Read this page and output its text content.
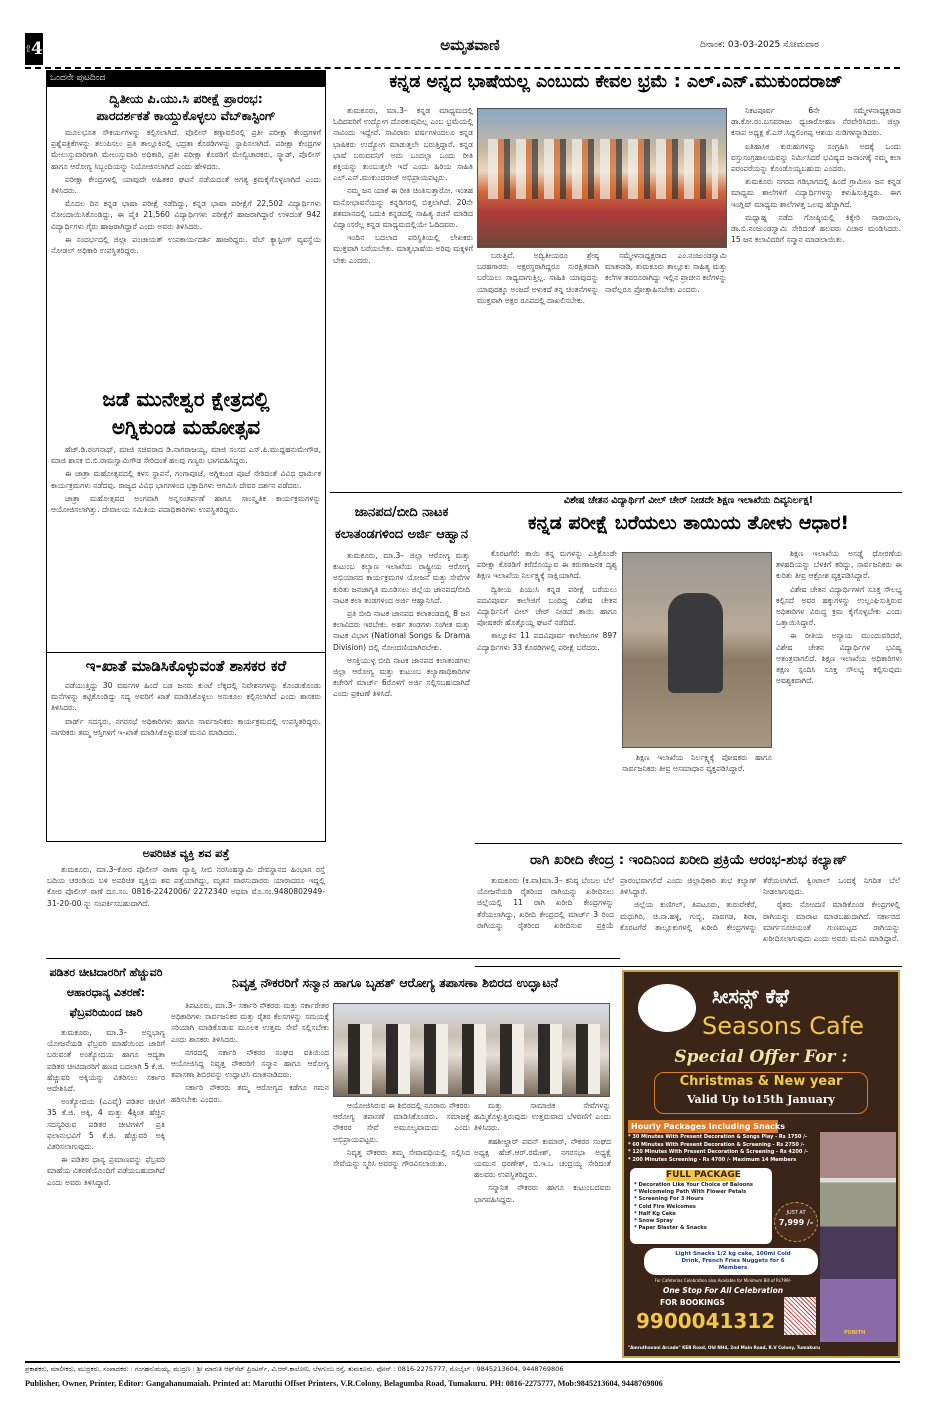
ಪುಟ 4	ಅಮೃತವಾಣಿ	ದಿನಾಂಕ: 03-03-2025 ಸೋಮವಾರ
ಒಂದನೇ ಪುಟದಿಂದ
ದ್ವಿತೀಯ ಪಿ.ಯು.ಸಿ ಪರೀಕ್ಷೆ ಪ್ರಾರಂಭ:
ಪಾರದರ್ಶಕತೆ ಕಾಯ್ದುಕೊಳ್ಳಲು ವೆಬ್‌ಕಾಸ್ಟಿಂಗ್

ಮೂಲಭೂತ ಸೌಕರ್ಯಗಳನ್ನು ಕಲ್ಪಿಸಲಾಗಿದೆ. ಪೊಲೀಸ್ ಕಣ್ಗಾವಲಿನಲ್ಲಿ ಪ್ರತೀ ಪರೀಕ್ಷಾ ಕೇಂದ್ರಗಳಿಗೆ ಪ್ರಶ್ನೆಪತ್ರಿಕೆಗಳನ್ನು ತಲುಪಿಸಲು ಪ್ರತಿ ತಾಲ್ಲೂಕಿನಲ್ಲಿ ಭದ್ರತಾ ಕೊಠಡಿಗಳನ್ನು ಸ್ಥಾಪಿಸಲಾಗಿದೆ. ಪರೀಕ್ಷಾ ಕೇಂದ್ರಗಳ ಮೇಲುಸ್ತುವಾರಿಗಾಗಿ ಮೇಲುಸ್ತುವಾರಿ ಅಧಿಕಾರಿ, ಪ್ರತೀ ಪರೀಕ್ಷಾ ಕೊಠಡಿಗೆ ಮೇಲ್ವಿಚಾರಕರು, ಸ್ಕ್ವಾಡ್, ಪೊಲೀಸ್ ಹಾಗೂ ಆರೋಗ್ಯ ಸಿಬ್ಬಂದಿಯನ್ನು ನಿಯೋಜಿಸಲಾಗಿದೆ ಎಂದು ಹೇಳಿದರು.

ಪರೀಕ್ಷಾ ಕೇಂದ್ರಗಳಲ್ಲಿ ಯಾವುದೇ ಅಹಿತಕರ ಘಟನೆ ನಡೆಯದಂತೆ ಅಗತ್ಯ ಕ್ರಮಕೈಗೊಳ್ಳಲಾಗಿದೆ ಎಂದು ತಿಳಿಸಿದರು.

ಮೊದಲ ದಿನ ಕನ್ನಡ ಭಾಷಾ ಪರೀಕ್ಷೆ ನಡೆದಿದ್ದು, ಕನ್ನಡ ಭಾಷಾ ಪರೀಕ್ಷೆಗೆ 22,502 ವಿದ್ಯಾರ್ಥಿಗಳು ನೋಂದಾಯಿಸಿಕೊಂಡಿದ್ದು, ಈ ಪೈಕಿ 21,560 ವಿದ್ಯಾರ್ಥಿಗಳು ಪರೀಕ್ಷೆಗೆ ಹಾಜರಾಗಿದ್ದಾರೆ ಉಳಿದಂತೆ 942 ವಿದ್ಯಾರ್ಥಿಗಳು ಗೈರು ಹಾಜರಾಗಿದ್ದಾರೆ ಎಂದು ಅವರು ತಿಳಿಸಿದರು.

ಈ ಸಂದರ್ಭದಲ್ಲಿ ಜಿಲ್ಲಾ ಪಂಚಾಯತ್ ಉಪಕಾರ್ಯದರ್ಶಿ ಹಾಜರಿದ್ದರು. ವೆಬ್ ಕ್ಯಾಸ್ಟಿಂಗ್ ವ್ಯವಸ್ಥೆಯ ನೋಡಲ್ ಅಧಿಕಾರಿ ಉಪಸ್ಥಿತರಿದ್ದರು.

ಜಡೆ ಮುನೇಶ್ವರ ಕ್ಷೇತ್ರದಲ್ಲಿ
ಅಗ್ನಿಕುಂಡ ಮಹೋತ್ಸವ

ಹೆಚ್.ಡಿ.ರಂಗನಾಥ್, ಮಾಜಿ ಸಚಿವರಾದ ಡಿ.ನಾಗರಾಜಯ್ಯ, ಮಾಜಿ ಸಂಸದ ಎಸ್.ಪಿ.ಮುದ್ದಹನುಮೇಗೌಡ, ಮಾಜಿ ಶಾಸಕ ಬಿ.ಬಿ.ರಾಮಸ್ವಾಮಿಗೌಡ ಸೇರಿದಂತೆ ಹಲವು ಗಣ್ಯರು ಭಾಗವಹಿಸಿದ್ದರು.

ಈ ಜಾತ್ರಾ ಮಹೋತ್ಸವದಲ್ಲಿ ಕಳಸ ಸ್ಥಾಪನೆ, ಗಂಗಾಪೂಜೆ, ಅಗ್ನಿಕುಂಡ ಪೂಜೆ ಸೇರಿದಂತೆ ವಿವಿಧ ಧಾರ್ಮಿಕ ಕಾರ್ಯಕ್ರಮಗಳು ನಡೆದವು. ರಾಜ್ಯದ ವಿವಿಧ ಭಾಗಗಳಿಂದ ಭಕ್ತಾದಿಗಳು ಆಗಮಿಸಿ ದೇವರ ದರ್ಶನ ಪಡೆದರು.

ಜಾತ್ರಾ ಮಹೋತ್ಸವದ ಅಂಗವಾಗಿ ಅನ್ನಸಂತರ್ಪಣೆ ಹಾಗೂ ಸಾಂಸ್ಕೃತಿಕ ಕಾರ್ಯಕ್ರಮಗಳನ್ನು ಆಯೋಜಿಸಲಾಗಿತ್ತು. ದೇವಾಲಯ ಸಮಿತಿಯ ಪದಾಧಿಕಾರಿಗಳು ಉಪಸ್ಥಿತರಿದ್ದರು.

ಇ-ಖಾತೆ ಮಾಡಿಸಿಕೊಳ್ಳುವಂತೆ ಶಾಸಕರ ಕರೆ

ಪಡೆಯುತ್ತಿದ್ದು 30 ವರ್ಷಗಳ ಹಿಂದೆ ಬಡ ಜನರು ಕುಂಟೆ ಲೆಕ್ಕದಲ್ಲಿ ನಿವೇಶನಗಳನ್ನು ಕೊಂಡುಕೊಂಡು ಮನೆಗಳನ್ನು ಕಟ್ಟಿಕೊಂಡಿದ್ದು ಸದ್ಯ ಅವರಿಗೆ ಖಾತೆ ಮಾಡಿಸಿಕೊಳ್ಳಲು ಅನುಕೂಲ ಕಲ್ಪಿಸಲಾಗಿದೆ ಎಂದು ಶಾಸಕರು ತಿಳಿಸಿದರು.

ವಾರ್ಡ್ ಸದಸ್ಯರು, ನಗರಸಭೆ ಅಧಿಕಾರಿಗಳು ಹಾಗೂ ಸಾರ್ವಜನಿಕರು ಕಾರ್ಯಕ್ರಮದಲ್ಲಿ ಉಪಸ್ಥಿತರಿದ್ದರು. ನಾಗರಿಕರು ತಮ್ಮ ಆಸ್ತಿಗಳಿಗೆ ಇ-ಖಾತೆ ಮಾಡಿಸಿಕೊಳ್ಳುವಂತೆ ಮನವಿ ಮಾಡಿದರು.

ಅಪರಿಚಿತ ವ್ಯಕ್ತಿ ಶವ ಪತ್ತೆ

ತುಮಕೂರು, ಮಾ.3–ಕೋರ ಪೊಲೀಸ್ ಠಾಣಾ ವ್ಯಾಪ್ತಿ ಸೀಬಿ ನರಸಿಂಹಸ್ವಾಮಿ ದೇವಸ್ಥಾನದ ಹಿಂಭಾಗ ರಸ್ತೆ ಬದಿಯ ಚರಂಡಿಯ ಬಳಿ ಅಪರಿಚಿತ ವ್ಯಕ್ತಿಯ ಶವ ಪತ್ತೆಯಾಗಿದ್ದು, ಮೃತನ ವಾರಸುದಾರರು ಯಾರಾದರೂ ಇದ್ದಲ್ಲಿ ಕೋರ ಪೊಲೀಸ್ ಠಾಣೆ ದೂ.ಸಂ. 0816-2242006/ 2272340 ಅಥವಾ ಮೊ.ಸಂ.9480802949-31-20-00 ನ್ನು ಸಂಪರ್ಕಿಸಬಹುದಾಗಿದೆ.

ಕನ್ನಡ ಅನ್ನದ ಭಾಷೆಯಲ್ಲ ಎಂಬುದು ಕೇವಲ ಭ್ರಮೆ : ಎಲ್.ಎನ್.ಮುಕುಂದರಾಜ್

ತುಮಕೂರು, ಮಾ.3– ಕನ್ನಡ ಮಾಧ್ಯಮದಲ್ಲಿ ಓದಿದವರಿಗೆ ಉದ್ಯೋಗ ದೊರಕುವುದಿಲ್ಲ ಎಂಬ ಭ್ರಮೆಯಲ್ಲಿ ನಾವಿಂದು ಇದ್ದೇವೆ. ಸಾವಿರಾರು ವರ್ಷಗಳಿಂದಲೂ ಕನ್ನಡ ಭಾಷಿಕರು ಉದ್ಯೋಗ ಮಾಡುತ್ತಲೇ ಬರುತ್ತಿದ್ದಾರೆ. ಕನ್ನಡ ಭಾಷೆ ಬರುವವನಿಗೆ ಅದು ಒಂದಲ್ಲಾ ಒಂದು ರೀತಿ ಶಕ್ತಿಯನ್ನು ತುಂಬುತ್ತಲೇ ಇದೆ ಎಂದು ಹಿರಿಯ ಸಾಹಿತಿ ಎಲ್.ಎನ್.ಮುಕುಂದರಾಜ್ ಅಭಿಪ್ರಾಯಪಟ್ಟರು.

ನಮ್ಮ ಜನ ಯಾಕೆ ಈ ರೀತಿ ಚಿಂತಿಸುತ್ತಾರೋ. ಇಂತಹ ಮನೋಭಾವನೆಯನ್ನು ಕನ್ನಡಿಗರಲ್ಲಿ ಬಿತ್ತಲಾಗಿದೆ. 20ನೇ ಶತಮಾನದಲ್ಲಿ ಬದುಕಿ ಕನ್ನಡದಲ್ಲಿ ಸಾಹಿತ್ಯ ರಚನೆ ಮಾಡಿದ ವಿದ್ವಾಂಸರೆಲ್ಲ ಕನ್ನಡ ಮಾಧ್ಯಮದಲ್ಲಿಯೇ ಓದಿದವರು.

ಇಂದಿನ ಬದಲಾದ ಪರಿಸ್ಥಿತಿಯಲ್ಲಿ ಲೇಖಕರು ಮುಕ್ತವಾಗಿ ಬರೆಯಬೇಕು. ಮಾತೃಭಾಷೆಯ ಅರಿವು ಮಕ್ಕಳಿಗೆ ಬೇಕು ಎಂದರು.

ಬರುತ್ತಿವೆ. ಅದ್ವಿತೀಯರೂ ಶ್ರೇಷ್ಠ ಬರಹಗಾರರು ಅಕ್ಷರಸ್ಥರಾಗಿದ್ದರೂ ಸುರಕ್ಷಿತವಾಗಿ ಬರೆಯಲು ಸಾಧ್ಯವಾಗುತ್ತಿಲ್ಲ. ಸಾಹಿತಿ ಯಾವುದನ್ನು ಯಾವುದಕ್ಕೂ ಅಂಜದೆ ಅಳುಕದೆ ತನ್ನ ಚಿಂತನೆಗಳನ್ನು ಮುಕ್ತವಾಗಿ ಅಕ್ಷರ ರೂಪದಲ್ಲಿ ದಾಖಲಿಸಬೇಕು.

ಸಮ್ಮೇಳನಾಧ್ಯಕ್ಷರಾದ ಎಂ.ನಂಜುಂಡಸ್ವಾಮಿ ಮಾತನಾಡಿ, ತುಮಕೂರು ತಾಲ್ಲೂಕು ಸಾಹಿತ್ಯ ಮತ್ತು ಕಲೆಗಳ ತವರೂರಾಗಿದ್ದು ಇಲ್ಲಿನ ಪ್ರಾಚೀನ ಕಲೆಗಳನ್ನು ನಾವೆಲ್ಲರೂ ಪ್ರೋತ್ಸಾಹಿಸಬೇಕು ಎಂದರು.

ನಿಕಟಪೂರ್ವ 6ನೇ ಸಮ್ಮೇಳನಾಧ್ಯಕ್ಷರಾದ ಡಾ.ಕೋ.ರಂ.ಬಸವರಾಜು ಧ್ವಜಾರೋಹಣ ನೆರವೇರಿಸಿದರು. ಜಿಲ್ಲಾ ಕಸಾಪ ಅಧ್ಯಕ್ಷ ಕೆ.ಎಸ್.ಸಿದ್ದಲಿಂಗಪ್ಪ ಆಶಯ ನುಡಿಗಳನ್ನಾಡಿದರು.

ಐತಿಹಾಸಿಕ ಕುರುಹುಗಳನ್ನು ಸಂಗ್ರಹಿಸಿ ಅದಕ್ಕೆ ಒಂದು ವಸ್ತುಸಂಗ್ರಹಾಲಯವನ್ನು ನಿರ್ಮಿಸಿದರೆ ಭವಿಷ್ಯದ ಜನಾಂಗಕ್ಕೆ ನಮ್ಮ ಕಲಾ ಪರಂಪರೆಯನ್ನು ಕೊಂಡೊಯ್ಯಬಹುದು ಎಂದರು.

ತುಮಕೂರು ನಗರದ ಗಡಿಭಾಗದಲ್ಲಿ ಹಿಂದೆ ಗ್ರಾಮೀಣ ಜನ ಕನ್ನಡ ಮಾಧ್ಯಮ ಶಾಲೆಗಳಿಗೆ ವಿದ್ಯಾರ್ಥಿಗಳನ್ನು ಕಳುಹಿಸುತ್ತಿದ್ದರು. ಈಗ ಇಂಗ್ಲಿಷ್ ಮಾಧ್ಯಮ ಶಾಲೆಗಳತ್ತ ಒಲವು ಹೆಚ್ಚಾಗಿದೆ.

ಮಧ್ಯಾಹ್ನ ನಡೆದ ಗೋಷ್ಠಿಯಲ್ಲಿ ಕಿಕ್ಕೇರಿ ನಾರಾಯಣ, ಡಾ.ಬಿ.ನಂಜುಂಡಸ್ವಾಮಿ ಸೇರಿದಂತೆ ಹಲವರು ವಿಚಾರ ಮಂಡಿಸಿದರು. 15 ಜನ ಕಲಾವಿದರಿಗೆ ಸನ್ಮಾನ ಮಾಡಲಾಯಿತು.

ಜಾನಪದ/ಬೀದಿ ನಾಟಕ ಕಲಾತಂಡಗಳಿಂದ ಅರ್ಜಿ ಆಹ್ವಾನ

ತುಮಕೂರು, ಮಾ.3– ಜಿಲ್ಲಾ ಆರೋಗ್ಯ ಮತ್ತು ಕುಟುಂಬ ಕಲ್ಯಾಣ ಇಲಾಖೆಯ ರಾಷ್ಟ್ರೀಯ ಆರೋಗ್ಯ ಅಭಿಯಾನದ ಕಾರ್ಯಕ್ರಮಗಳ ಯೋಜನೆ ಮತ್ತು ಸೇವೆಗಳ ಕುರಿತು ಜನಜಾಗೃತಿ ಮೂಡಿಸಲು ಜಿಲ್ಲೆಯ ಜಾನಪದ/ಬೀದಿ ನಾಟಕ ಕಲಾ ತಂಡಗಳಿಂದ ಅರ್ಜಿ ಆಹ್ವಾನಿಸಿದೆ.

ಪ್ರತಿ ಬೀದಿ ನಾಟಕ ಜಾನಪದ ಕಲಾತಂಡದಲ್ಲಿ 8 ಜನ ಕಲಾವಿದರು ಇರಬೇಕು. ಅರ್ಹ ತಂಡಗಳು ಸಂಗೀತ ಮತ್ತು ನಾಟಕ ವಿಭಾಗ (National Songs & Drama Division) ದಲ್ಲಿ ನೋಂದಣಿಯಾಗಿರಬೇಕು.

ಆಸಕ್ತಿಯುಳ್ಳ ಬೀದಿ ನಾಟಕ ಜಾನಪದ ಕಲಾತಂಡಗಳು ಜಿಲ್ಲಾ ಆರೋಗ್ಯ ಮತ್ತು ಕುಟುಂಬ ಕಲ್ಯಾಣಾಧಿಕಾರಿಗಳ ಕಚೇರಿಗೆ ಮಾರ್ಚ್ 6ರೊಳಗೆ ಅರ್ಜಿ ಸಲ್ಲಿಸಬಹುದಾಗಿದೆ ಎಂದು ಪ್ರಕಟಣೆ ತಿಳಿಸಿದೆ.

ವಿಶೇಷ ಚೇತನ ವಿದ್ಯಾರ್ಥಿಗೆ ವೀಲ್ ಚೇರ್ ನೀಡದೇ ಶಿಕ್ಷಣ ಇಲಾಖೆಯ ದಿವ್ಯನಿರ್ಲಕ್ಷ!
ಕನ್ನಡ ಪರೀಕ್ಷೆ ಬರೆಯಲು ತಾಯಿಯ ತೋಳು ಆಧಾರ!

ಕೊರಟಗೆರೆ: ತಾಯಿ ತನ್ನ ಮಗಳನ್ನು ಎತ್ತಿಕೊಂಡೇ ಪರೀಕ್ಷಾ ಕೊಠಡಿಗೆ ಕರೆದೊಯ್ಯುವ ಈ ಕರುಣಾಜನಕ ದೃಶ್ಯ ಶಿಕ್ಷಣ ಇಲಾಖೆಯ ನಿರ್ಲಕ್ಷ್ಯಕ್ಕೆ ಸಾಕ್ಷಿಯಾಗಿದೆ.

ದ್ವಿತೀಯ ಪಿಯುಸಿ ಕನ್ನಡ ಪರೀಕ್ಷೆ ಬರೆಯಲು ಪದವಿಪೂರ್ವ ಕಾಲೇಜಿಗೆ ಬಂದಿದ್ದ ವಿಶೇಷ ಚೇತನ ವಿದ್ಯಾರ್ಥಿನಿಗೆ ವೀಲ್ ಚೇರ್ ನೀಡದೆ ತಾಯಿ ಹಾಗೂ ಪೋಷಕರೇ ಹೊತ್ತೊಯ್ದ ಘಟನೆ ನಡೆದಿದೆ.

ತಾಲ್ಲೂಕಿನ 11 ಪದವಿಪೂರ್ವ ಕಾಲೇಜುಗಳ 897 ವಿದ್ಯಾರ್ಥಿಗಳು 33 ಕೊಠಡಿಗಳಲ್ಲಿ ಪರೀಕ್ಷೆ ಬರೆದರು.

ಶಿಕ್ಷಣ ಇಲಾಖೆಯ ನಿರ್ಲಕ್ಷ್ಯಕ್ಕೆ ಪೋಷಕರು ಹಾಗೂ ಸಾರ್ವಜನಿಕರು ತೀವ್ರ ಅಸಮಾಧಾನ ವ್ಯಕ್ತಪಡಿಸಿದ್ದಾರೆ.

ಶಿಕ್ಷಣ ಇಲಾಖೆಯ ಅಸಡ್ಡೆ ಧೋರಣೆಯ ತಳಹದಿಯನ್ನು ಬೆಳಕಿಗೆ ತರಿದ್ದು, ಸಾರ್ವಜನಿಕರು ಈ ಕುರಿತು ತೀವ್ರ ಆಕ್ರೋಶ ವ್ಯಕ್ತಪಡಿಸಿದ್ದಾರೆ.

ವಿಶೇಷ ಚೇತನ ವಿದ್ಯಾರ್ಥಿಗಳಿಗೆ ಸೂಕ್ತ ಸೌಲಭ್ಯ ಕಲ್ಪಿಸದೆ ಅವರ ಹಕ್ಕುಗಳನ್ನು ಉಲ್ಲಂಘಿಸುತ್ತಿರುವ ಅಧಿಕಾರಿಗಳ ವಿರುದ್ಧ ಕ್ರಮ ಕೈಗೊಳ್ಳಬೇಕು ಎಂದು ಒತ್ತಾಯಿಸಿದ್ದಾರೆ.

ಈ ರೀತಿಯ ಅನ್ಯಾಯ ಮುಂದುವರಿದರೆ, ವಿಶೇಷ ಚೇತನ ವಿದ್ಯಾರ್ಥಿಗಳ ಭವಿಷ್ಯ ಅತಂತ್ರವಾಗಲಿದೆ. ಶಿಕ್ಷಣ ಇಲಾಖೆಯ ಅಧಿಕಾರಿಗಳು ತಕ್ಷಣ ಸ್ಪಂದಿಸಿ ಸೂಕ್ತ ಸೌಲಭ್ಯ ಕಲ್ಪಿಸುವುದು ಅವಶ್ಯಕವಾಗಿದೆ.

ರಾಗಿ ಖರೀದಿ ಕೇಂದ್ರ : ಇಂದಿನಿಂದ ಖರೀದಿ ಪ್ರಕ್ರಿಯೆ ಆರಂಭ-ಶುಭ ಕಲ್ಯಾಣ್

ತುಮಕೂರು (ಕ.ವಾ)ಮಾ.3– ಕನಿಷ್ಠ ಬೆಂಬಲ ಬೆಲೆ ಯೋಜನೆಯಡಿ ರೈತರಿಂದ ರಾಗಿಯನ್ನು ಖರೀದಿಸಲು ಜಿಲ್ಲೆಯಲ್ಲಿ 11 ರಾಗಿ ಖರೀದಿ ಕೇಂದ್ರಗಳನ್ನು ತೆರೆಯಲಾಗಿದ್ದು, ಖರೀದಿ ಕೇಂದ್ರದಲ್ಲಿ ಮಾರ್ಚ್ 3 ರಿಂದ ರಾಗಿಯನ್ನು ರೈತರಿಂದ ಖರೀದಿಸುವ ಪ್ರಕ್ರಿಯೆ ಪ್ರಾರಂಭವಾಗಲಿದೆ ಎಂದು ಜಿಲ್ಲಾಧಿಕಾರಿ ಶುಭ ಕಲ್ಯಾಣ್ ತಿಳಿಸಿದ್ದಾರೆ.

ಜಿಲ್ಲೆಯ ಕುಣಿಗಲ್, ತಿಪಟೂರು, ತುರುವೇಕೆರೆ, ಮಧುಗಿರಿ, ಚಿ.ನಾ.ಹಳ್ಳಿ, ಗುಬ್ಬಿ, ಪಾವಗಡ, ಶಿರಾ, ಕೊರಟಗೆರೆ ತಾಲ್ಲೂಕುಗಳಲ್ಲಿ ಖರೀದಿ ಕೇಂದ್ರಗಳನ್ನು ತೆರೆಯಲಾಗಿದೆ. ಕ್ವಿಂಟಾಲ್ ಒಂದಕ್ಕೆ ನಿಗದಿತ ಬೆಲೆ ನೀಡಲಾಗುವುದು.

ರೈತರು ನೋಂದಣಿ ಮಾಡಿಕೊಂಡ ಕೇಂದ್ರಗಳಲ್ಲಿ ರಾಗಿಯನ್ನು ಮಾರಾಟ ಮಾಡಬಹುದಾಗಿದೆ. ಸರ್ಕಾರದ ಮಾರ್ಗಸೂಚಿಯಂತೆ ಗುಣಮಟ್ಟದ ರಾಗಿಯನ್ನು ಖರೀದಿಸಲಾಗುವುದು ಎಂದು ಅವರು ಮನವಿ ಮಾಡಿದ್ದಾರೆ.

ಪಡಿತರ ಚೀಟಿದಾರರಿಗೆ ಹೆಚ್ಚುವರಿ ಆಹಾರಧಾನ್ಯ ವಿತರಣೆ: ಫೆಬ್ರವರಿಯಿಂದ ಜಾರಿ

ತುಮಕೂರು, ಮಾ.3– ಅನ್ನಭಾಗ್ಯ ಯೋಜನೆಯಡಿ ಫೆಬ್ರವರಿ ಮಾಹೆಯಿಂದ ಜಾರಿಗೆ ಬರುವಂತೆ ಅಂತ್ಯೋದಯ ಹಾಗೂ ಆದ್ಯತಾ ಪಡಿತರ ಚೀಟಿದಾರರಿಗೆ ಹಣದ ಬದಲಾಗಿ 5 ಕೆ.ಜಿ. ಹೆಚ್ಚುವರಿ ಅಕ್ಕಿಯನ್ನು ವಿತರಿಸಲು ಸರ್ಕಾರ ಆದೇಶಿಸಿದೆ.

ಅಂತ್ಯೋದಯ (ಎಎವೈ) ಪಡಿತರ ಚೀಟಿಗೆ 35 ಕೆ.ಜಿ. ಅಕ್ಕಿ, 4 ಮತ್ತು 4ಕ್ಕಿಂತ ಹೆಚ್ಚಿನ ಸದಸ್ಯರಿರುವ ಪಡಿತರ ಚೀಟಿಗಳಿಗೆ ಪ್ರತಿ ಫಲಾನುಭವಿಗೆ 5 ಕೆ.ಜಿ. ಹೆಚ್ಚುವರಿ ಅಕ್ಕಿ ವಿತರಿಸಲಾಗುವುದು.

ಈ ಪಡಿತರ ಧಾನ್ಯ ಪ್ರಮಾಣವನ್ನು ಫೆಬ್ರವರಿ ಮಾಹೆಯ ವಿತರಣೆಯೊಂದಿಗೆ ಪಡೆಯಬಹುದಾಗಿದೆ ಎಂದು ಅವರು ತಿಳಿಸಿದ್ದಾರೆ.

ನಿವೃತ್ತ ನೌಕರರಿಗೆ ಸನ್ಮಾನ ಹಾಗೂ ಬೃಹತ್ ಆರೋಗ್ಯ ತಪಾಸಣಾ ಶಿಬಿರದ ಉದ್ಘಾಟನೆ

ತಿಪಟೂರು, ಮಾ.3– ಸರ್ಕಾರಿ ನೌಕರರು ಮತ್ತು ಸರ್ಕಾರೇತರ ಅಧಿಕಾರಿಗಳು ಸಾರ್ವಜನಿಕರ ಮತ್ತು ರೈತರ ಕೆಲಸಗಳನ್ನು ಸಮಯಕ್ಕೆ ಸರಿಯಾಗಿ ಮಾಡಿಕೊಡುವ ಮೂಲಕ ಉತ್ತಮ ಸೇವೆ ಸಲ್ಲಿಸಬೇಕು ಎಂದು ಶಾಸಕರು ತಿಳಿಸಿದರು.

ನಗರದಲ್ಲಿ ಸರ್ಕಾರಿ ನೌಕರರ ಸಂಘದ ವತಿಯಿಂದ ಆಯೋಜಿಸಿದ್ದ ನಿವೃತ್ತ ನೌಕರರಿಗೆ ಸನ್ಮಾನ ಹಾಗೂ ಆರೋಗ್ಯ ತಪಾಸಣಾ ಶಿಬಿರವನ್ನು ಉದ್ಘಾಟಿಸಿ ಮಾತನಾಡಿದರು.

ಸರ್ಕಾರಿ ನೌಕರರು ತಮ್ಮ ಆರೋಗ್ಯದ ಕಡೆಗೂ ಗಮನ ಹರಿಸಬೇಕು ಎಂದರು.

ಆಯೋಜಿಸಿರುವ ಈ ಶಿಬಿರದಲ್ಲಿ ನೂರಾರು ನೌಕರರು ಆರೋಗ್ಯ ತಪಾಸಣೆ ಮಾಡಿಸಿಕೊಂಡರು. ಸಮಾಜಕ್ಕೆ ನೌಕರರ ಸೇವೆ ಅಮೂಲ್ಯವಾದುದು ಎಂದು ಅಭಿಪ್ರಾಯಪಟ್ಟರು.

ನಿವೃತ್ತ ನೌಕರರು ತಮ್ಮ ಸೇವಾವಧಿಯಲ್ಲಿ ಸಲ್ಲಿಸಿದ ಸೇವೆಯನ್ನು ಸ್ಮರಿಸಿ ಅವರನ್ನು ಗೌರವಿಸಲಾಯಿತು.

ಮತ್ತು ಸಾಮಾಜಿಕ ಸೇವೆಗಳನ್ನು ಹಮ್ಮಿಕೊಳ್ಳುತ್ತಿರುವುದು ಉತ್ತಮವಾದ ಬೆಳವಣಿಗೆ ಎಂದು ತಿಳಿಸಿದರು.

ತಹಶೀಲ್ದಾರ್ ಪವನ್ ಕುಮಾರ್, ನೌಕರರ ಸಂಘದ ಅಧ್ಯಕ್ಷ ಹೆಚ್.ಆರ್.ರಮೇಶ್, ನಗರಸಭಾ ಅಧ್ಯಕ್ಷೆ ಯಮುನ ಧರಣೇಶ್, ಬಿ.ಇ.ಒ ಚಂದ್ರಯ್ಯ ಸೇರಿದಂತೆ ಹಲವರು ಉಪಸ್ಥಿತರಿದ್ದರು.

ಸನ್ಮಾನಿತ ನೌಕರರು ಹಾಗೂ ಕುಟುಂಬದವರು ಭಾಗವಹಿಸಿದ್ದರು.

ಸೀಸನ್ಸ್ ಕೆಫೆ
Seasons Cafe
Special Offer For :
Christmas & New year
Valid Up to15th January
Hourly Packages Including Snacks
* 30 Minutes With Present Decoration & Songs Play - Rs 1750 /-
* 60 Minutes With Present Decoration & Screening - Rs 2750 /-
* 120 Minutes With Present Decoration & Screening - Rs 4200 /-
* 200 Minutes Screening - Rs 4700 /- Maximum 14 Members
FULL PACKAGE
* Decoration Like Your Choice of Baloons
* Welcomeing Path With Flower Petals
* Screening For 3 Hours
* Cold Fire Welcomes
* Half Kg Cake
* Snow Spray
* Paper Blaster & Snacks
JUST AT
7,999 /-
Light Snacks 1/2 kg cake, 100ml Cold Drink, French Fries Nuggets for 6 Members
For Cafeterias Celebration also Available for Minimum Bill of Rs799/-
One Stop For All Celebration
FOR BOOKINGS
9900041312	PUNITH
"Amruthavani Arcade" KEB Road, Old NH4, 2nd Main Road, R.V Colony, Tumakuru
ಪ್ರಕಾಶಕರು, ಮಾಲೀಕರು, ಮುದ್ರಕರು, ಸಂಪಾದಕರು : ಗಂಗಹನುಮಯ್ಯ, ಮುದ್ರಣ : ಶ್ರೀ ಮಾರುತಿ ಆಫ್‌ಸೆಟ್ ಪ್ರಿಂಟರ್ಸ್, ವಿ.ಆರ್.ಕಾಲೋನಿ, ಬೆಳಗುಂಬ ರಸ್ತೆ, ತುಮಕೂರು. ಫೋನ್ : 0816-2275777, ಮೊಬೈಲ್ : 9845213604, 9448769806
Publisher, Owner, Printer, Editor: Gangahanumaiah. Printed at: Maruthi Offset Printers, V.R.Colony, Belagumba Road, Tumakuru. PH: 0816-2275777, Mob:9845213604, 9448769806
